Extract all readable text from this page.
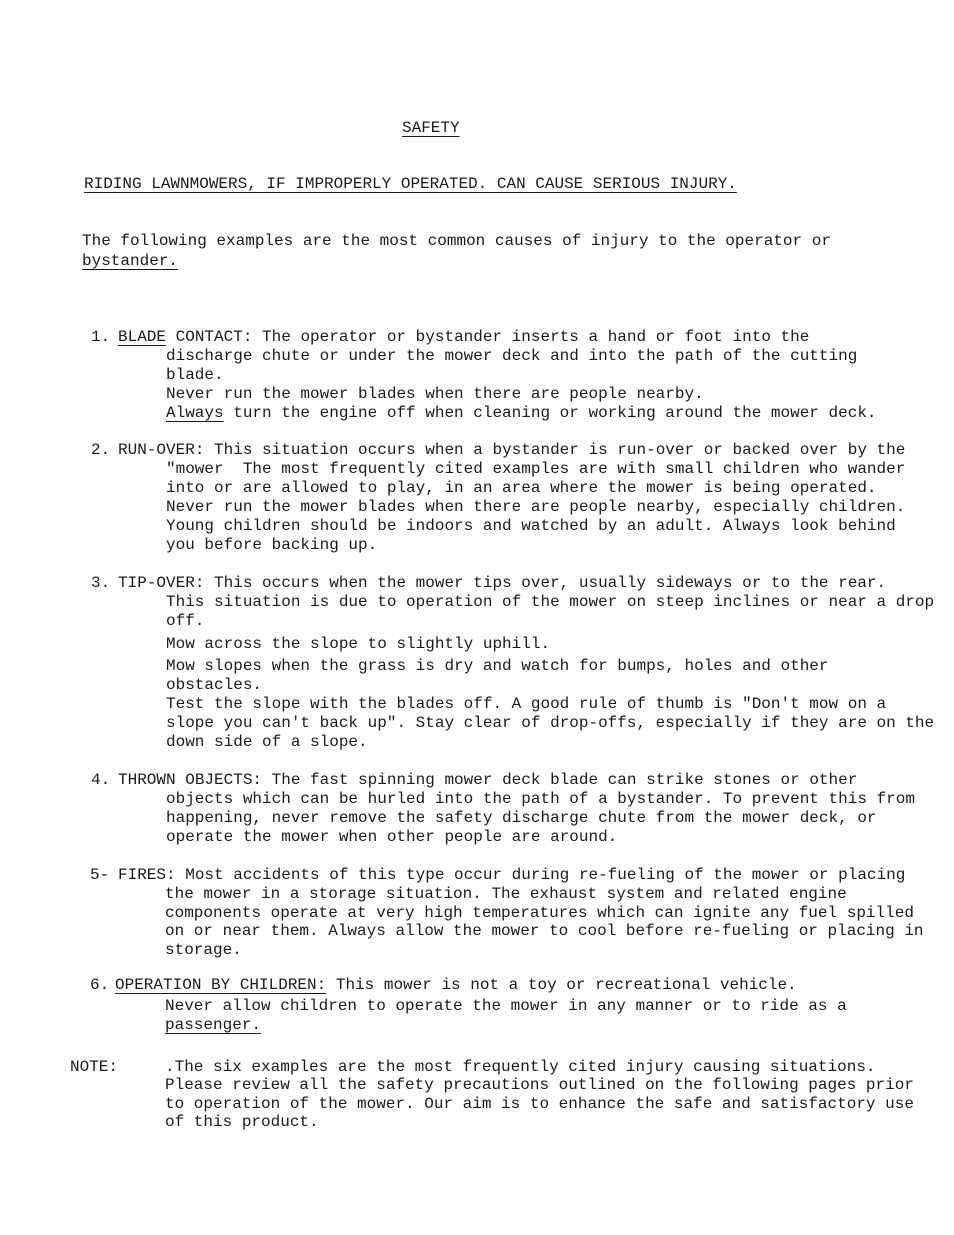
SAFETY
RIDING LAWNMOWERS, IF IMPROPERLY OPERATED. CAN CAUSE SERIOUS INJURY.
The following examples are the most common causes of injury to the operator or
bystander.
1. BLADE CONTACT: The operator or bystander inserts a hand or foot into the
discharge chute or under the mower deck and into the path of the cutting
blade.
Never run the mower blades when there are people nearby.
Always turn the engine off when cleaning or working around the mower deck.
2. RUN-OVER: This situation occurs when a bystander is run-over or backed over by the
"mower  The most frequently cited examples are with small children who wander
into or are allowed to play, in an area where the mower is being operated.
Never run the mower blades when there are people nearby, especially children.
Young children should be indoors and watched by an adult. Always look behind
you before backing up.
3. TIP-OVER: This occurs when the mower tips over, usually sideways or to the rear.
This situation is due to operation of the mower on steep inclines or near a drop
off.
Mow across the slope to slightly uphill.
Mow slopes when the grass is dry and watch for bumps, holes and other
obstacles.
Test the slope with the blades off. A good rule of thumb is "Don't mow on a
slope you can't back up". Stay clear of drop-offs, especially if they are on the
down side of a slope.
4. THROWN OBJECTS: The fast spinning mower deck blade can strike stones or other
objects which can be hurled into the path of a bystander. To prevent this from
happening, never remove the safety discharge chute from the mower deck, or
operate the mower when other people are around.
5- FIRES: Most accidents of this type occur during re-fueling of the mower or placing
the mower in a storage situation. The exhaust system and related engine
components operate at very high temperatures which can ignite any fuel spilled
on or near them. Always allow the mower to cool before re-fueling or placing in
storage.
6. OPERATION BY CHILDREN: This mower is not a toy or recreational vehicle.
Never allow children to operate the mower in any manner or to ride as a
passenger.
NOTE:	.The six examples are the most frequently cited injury causing situations.
Please review all the safety precautions outlined on the following pages prior
to operation of the mower. Our aim is to enhance the safe and satisfactory use
of this product.
